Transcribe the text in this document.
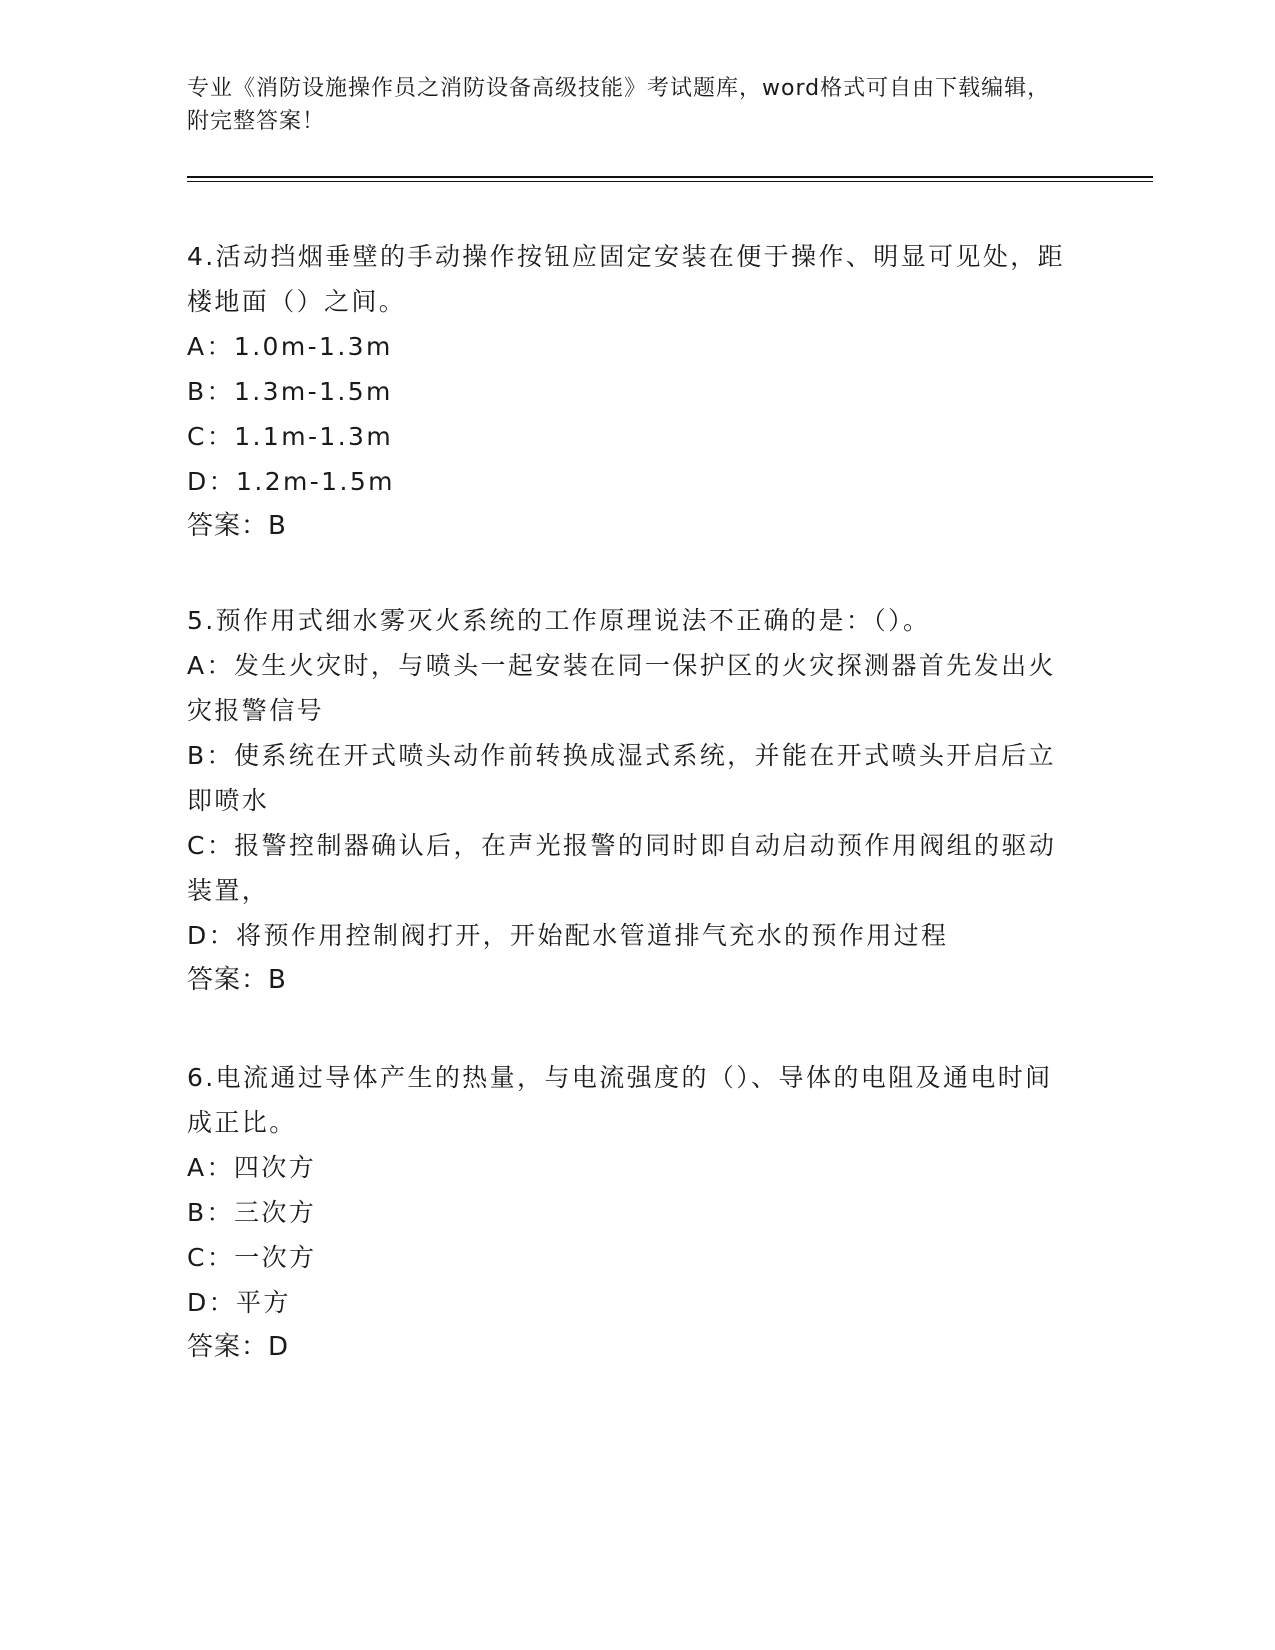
专业《消防设施操作员之消防设备高级技能》考试题库，word格式可自由下载编辑，附完整答案！

4.活动挡烟垂壁的手动操作按钮应固定安装在便于操作、明显可见处，距楼地面（）之间。

A：1.0m-1.3m

B：1.3m-1.5m

C：1.1m-1.3m

D：1.2m-1.5m

答案：B

5.预作用式细水雾灭火系统的工作原理说法不正确的是：（）。

A：发生火灾时，与喷头一起安装在同一保护区的火灾探测器首先发出火灾报警信号

B：使系统在开式喷头动作前转换成湿式系统，并能在开式喷头开启后立即喷水

C：报警控制器确认后，在声光报警的同时即自动启动预作用阀组的驱动装置，

D：将预作用控制阀打开，开始配水管道排气充水的预作用过程

答案：B

6.电流通过导体产生的热量，与电流强度的（）、导体的电阻及通电时间成正比。

A：四次方

B：三次方

C：一次方

D：平方

答案：D
